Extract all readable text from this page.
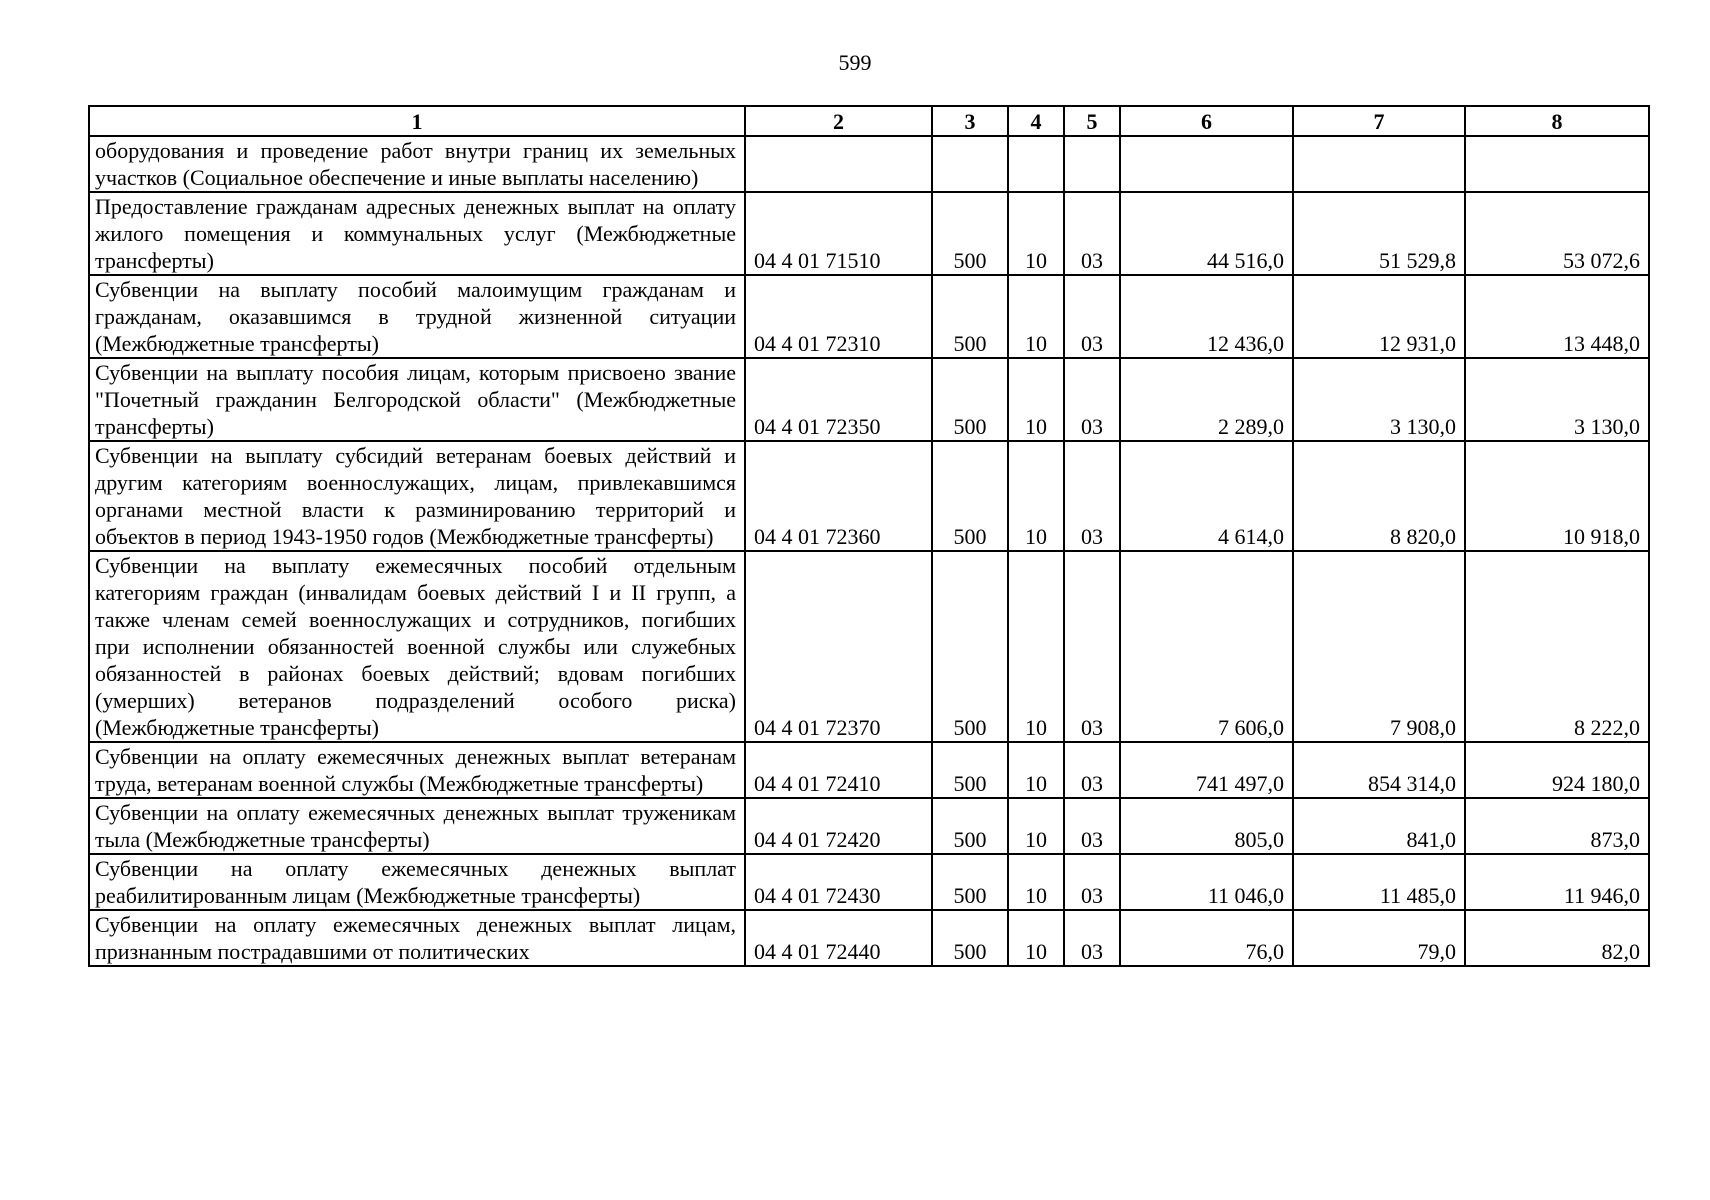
599
1	2	3	4	5	6	7	8
оборудования и проведение работ внутри границ их земельных участков (Социальное обеспечение и иные выплаты населению)							
Предоставление гражданам адресных денежных выплат на оплату жилого помещения и коммунальных услуг (Межбюджетные трансферты)	04 4 01 71510	500	10	03	44 516,0	51 529,8	53 072,6
Субвенции на выплату пособий малоимущим гражданам и гражданам, оказавшимся в трудной жизненной ситуации (Межбюджетные трансферты)	04 4 01 72310	500	10	03	12 436,0	12 931,0	13 448,0
Субвенции на выплату пособия лицам, которым присвоено звание "Почетный гражданин Белгородской области" (Межбюджетные трансферты)	04 4 01 72350	500	10	03	2 289,0	3 130,0	3 130,0
Субвенции на выплату субсидий ветеранам боевых действий и другим категориям военнослужащих, лицам, привлекавшимся органами местной власти к разминированию территорий и объектов в период 1943-1950 годов (Межбюджетные трансферты)	04 4 01 72360	500	10	03	4 614,0	8 820,0	10 918,0
Субвенции на выплату ежемесячных пособий отдельным категориям граждан (инвалидам боевых действий I и II групп, а также членам семей военнослужащих и сотрудников, погибших при исполнении обязанностей военной службы или служебных обязанностей в районах боевых действий; вдовам погибших (умерших) ветеранов подразделений особого риска) (Межбюджетные трансферты)	04 4 01 72370	500	10	03	7 606,0	7 908,0	8 222,0
Субвенции на оплату ежемесячных денежных выплат ветеранам труда, ветеранам военной службы (Межбюджетные трансферты)	04 4 01 72410	500	10	03	741 497,0	854 314,0	924 180,0
Субвенции на оплату ежемесячных денежных выплат труженикам тыла (Межбюджетные трансферты)	04 4 01 72420	500	10	03	805,0	841,0	873,0
Субвенции на оплату ежемесячных денежных выплат реабилитированным лицам (Межбюджетные трансферты)	04 4 01 72430	500	10	03	11 046,0	11 485,0	11 946,0
Субвенции на оплату ежемесячных денежных выплат лицам, признанным пострадавшими от политических	04 4 01 72440	500	10	03	76,0	79,0	82,0
